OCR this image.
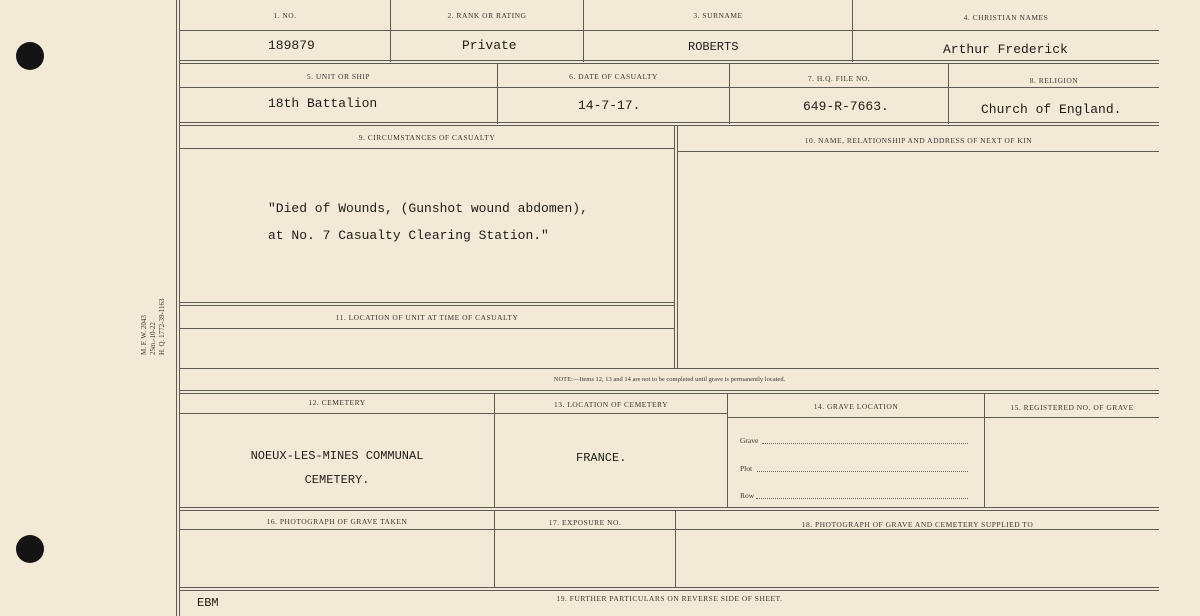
M. F. W. 2043 25m.-10-22 H. Q. 1772-39-1163
1. NO.	2. RANK OR RATING	3. SURNAME	4. CHRISTIAN NAMES
189879	Private	ROBERTS	Arthur Frederick
5. UNIT OR SHIP	6. DATE OF CASUALTY	7. H.Q. FILE NO.	8. RELIGION
18th Battalion	14-7-17.	649-R-7663.	Church of England.
9. CIRCUMSTANCES OF CASUALTY	10. NAME, RELATIONSHIP AND ADDRESS OF NEXT OF KIN
"Died of Wounds, (Gunshot wound abdomen),
at No. 7 Casualty Clearing Station."
11. LOCATION OF UNIT AT TIME OF CASUALTY
NOTE:—Items 12, 13 and 14 are not to be completed until grave is permanently located.
12. CEMETERY	13. LOCATION OF CEMETERY	14. GRAVE LOCATION	15. REGISTERED NO. OF GRAVE
NOEUX-LES-MINES COMMUNAL
CEMETERY.
FRANCE.
Grave
Plot
Row
16. PHOTOGRAPH OF GRAVE TAKEN	17. EXPOSURE NO.	18. PHOTOGRAPH OF GRAVE AND CEMETERY SUPPLIED TO
19. FURTHER PARTICULARS ON REVERSE SIDE OF SHEET.
EBM
